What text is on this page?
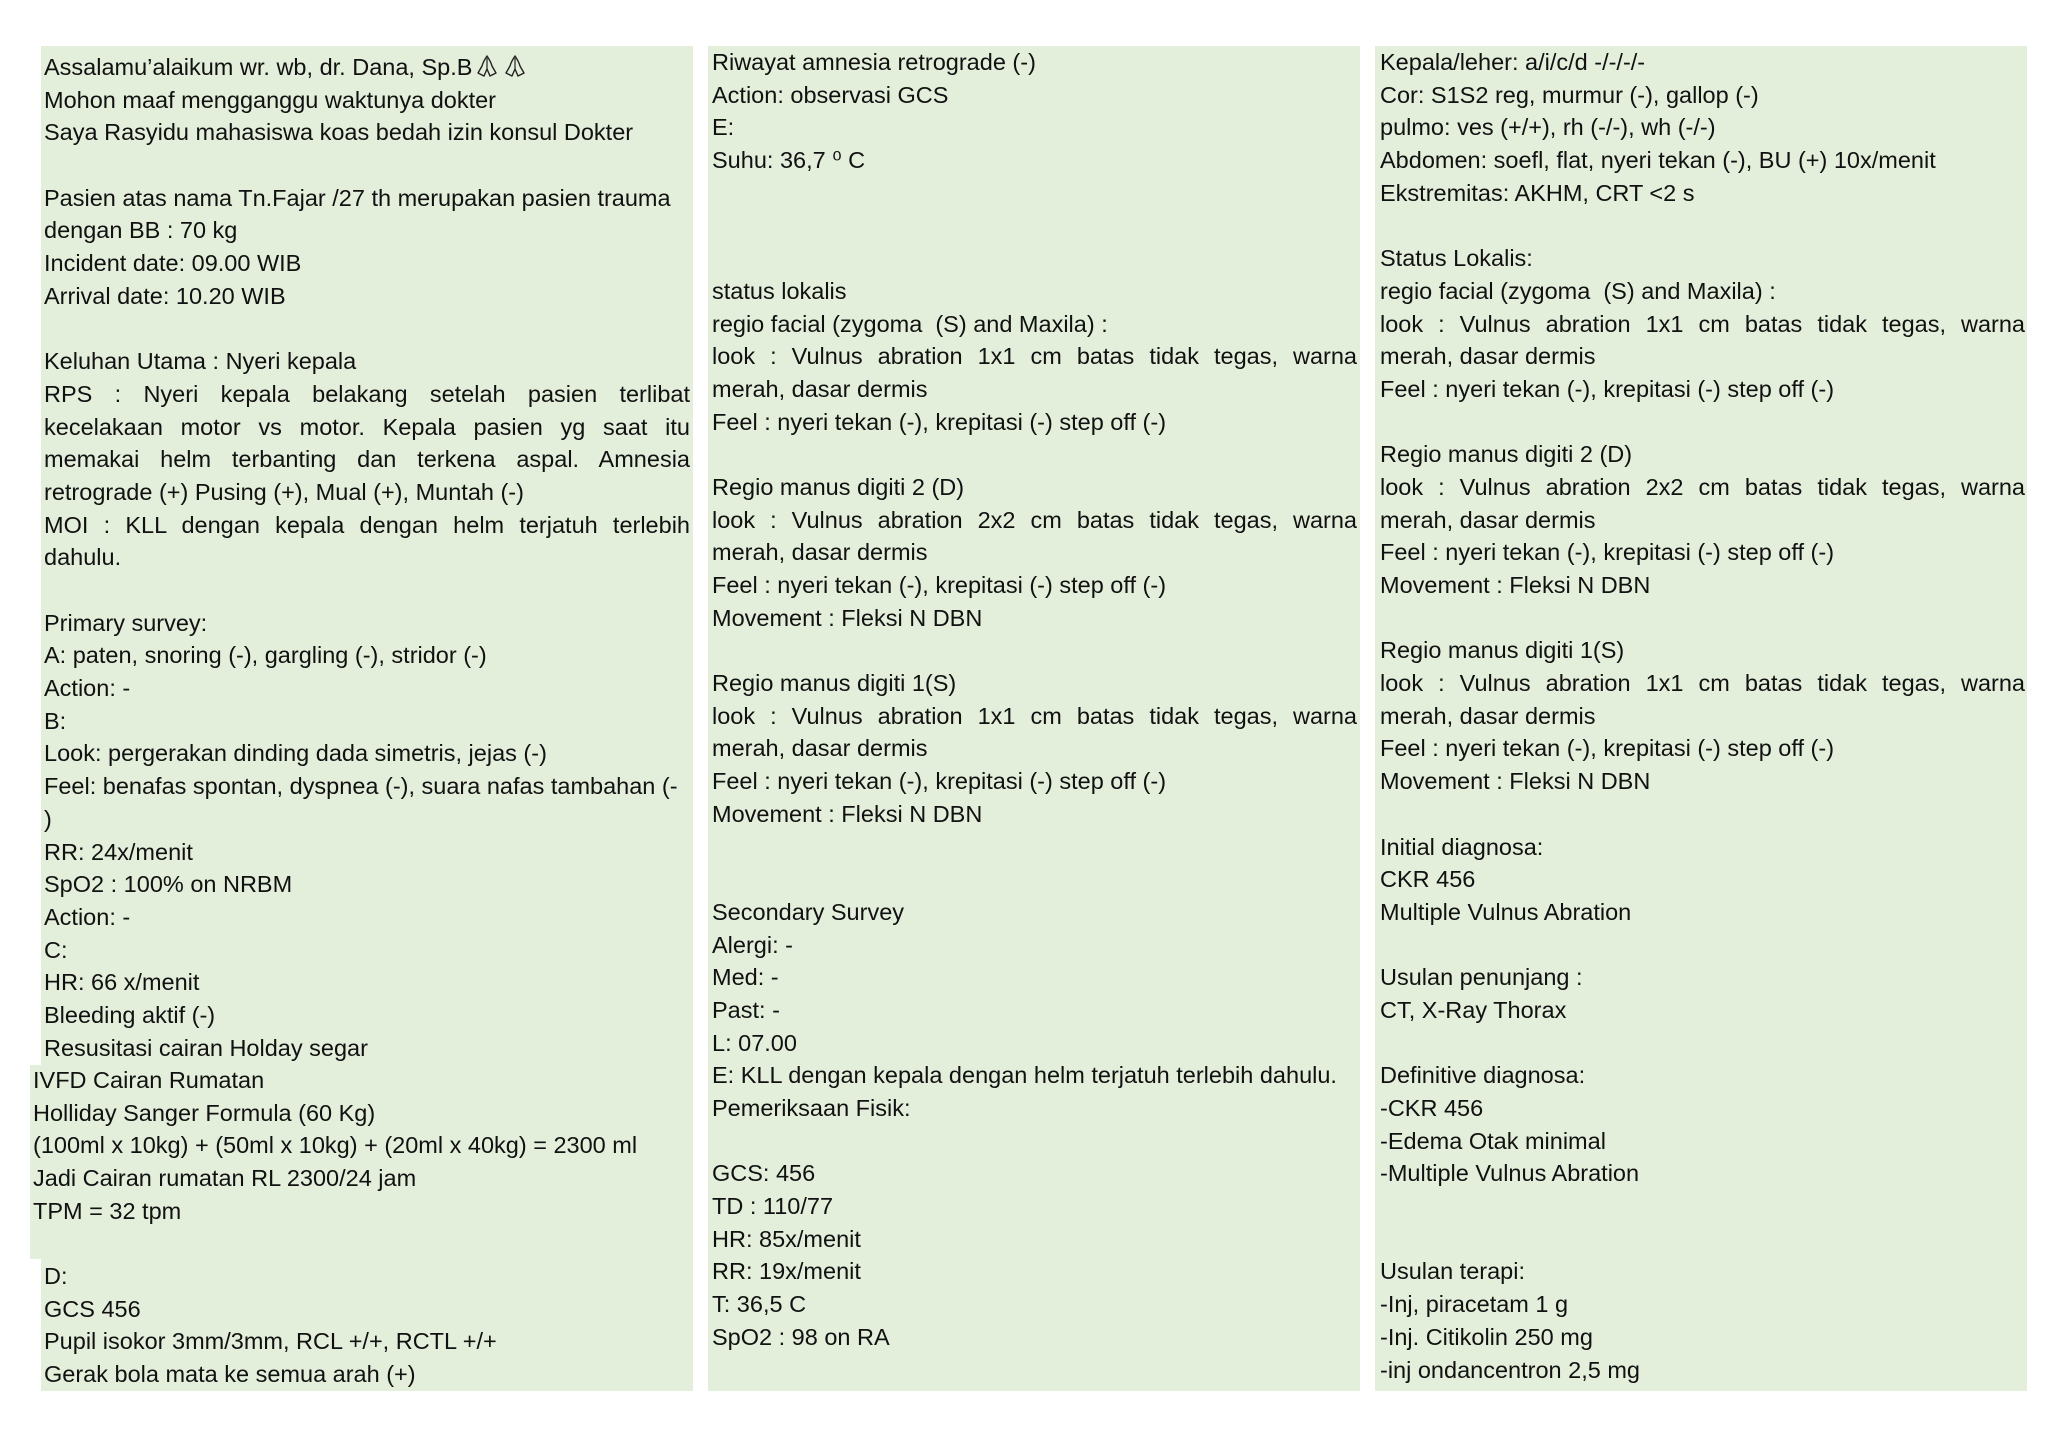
Assalamu’alaikum wr. wb, dr. Dana, Sp.B
Mohon maaf mengganggu waktunya dokter
Saya Rasyidu mahasiswa koas bedah izin konsul Dokter
Pasien atas nama Tn.Fajar /27 th merupakan pasien trauma
dengan BB : 70 kg
Incident date: 09.00 WIB
Arrival date: 10.20 WIB
Keluhan Utama : Nyeri kepala
RPS : Nyeri kepala belakang setelah pasien terlibat
kecelakaan motor vs motor. Kepala pasien yg saat itu
memakai helm terbanting dan terkena aspal. Amnesia
retrograde (+) Pusing (+), Mual (+), Muntah (-)
MOI : KLL dengan kepala dengan helm terjatuh terlebih
dahulu.
Primary survey:
A: paten, snoring (-), gargling (-), stridor (-)
Action: -
B:
Look: pergerakan dinding dada simetris, jejas (-)
Feel: benafas spontan, dyspnea (-), suara nafas tambahan (-
)
RR: 24x/menit
SpO2 : 100% on NRBM
Action: -
C:
HR: 66 x/menit
Bleeding aktif (-)
Resusitasi cairan Holday segar
IVFD Cairan Rumatan
Holliday Sanger Formula (60 Kg)
(100ml x 10kg) + (50ml x 10kg) + (20ml x 40kg) = 2300 ml
Jadi Cairan rumatan RL 2300/24 jam
TPM = 32 tpm
D:
GCS 456
Pupil isokor 3mm/3mm, RCL +/+, RCTL +/+
Gerak bola mata ke semua arah (+)
Riwayat amnesia retrograde (-)
Action: observasi GCS
E:
Suhu: 36,7 ⁰ C
status lokalis
regio facial (zygoma  (S) and Maxila) :
look : Vulnus abration 1x1 cm batas tidak tegas, warna
merah, dasar dermis
Feel : nyeri tekan (-), krepitasi (-) step off (-)
Regio manus digiti 2 (D)
look : Vulnus abration 2x2 cm batas tidak tegas, warna
merah, dasar dermis
Feel : nyeri tekan (-), krepitasi (-) step off (-)
Movement : Fleksi N DBN
Regio manus digiti 1(S)
look : Vulnus abration 1x1 cm batas tidak tegas, warna
merah, dasar dermis
Feel : nyeri tekan (-), krepitasi (-) step off (-)
Movement : Fleksi N DBN
Secondary Survey
Alergi: -
Med: -
Past: -
L: 07.00
E: KLL dengan kepala dengan helm terjatuh terlebih dahulu.
Pemeriksaan Fisik:
GCS: 456
TD : 110/77
HR: 85x/menit
RR: 19x/menit
T: 36,5 C
SpO2 : 98 on RA
Kepala/leher: a/i/c/d -/-/-/-
Cor: S1S2 reg, murmur (-), gallop (-)
pulmo: ves (+/+), rh (-/-), wh (-/-)
Abdomen: soefl, flat, nyeri tekan (-), BU (+) 10x/menit
Ekstremitas: AKHM, CRT <2 s
Status Lokalis:
regio facial (zygoma  (S) and Maxila) :
look : Vulnus abration 1x1 cm batas tidak tegas, warna
merah, dasar dermis
Feel : nyeri tekan (-), krepitasi (-) step off (-)
Regio manus digiti 2 (D)
look : Vulnus abration 2x2 cm batas tidak tegas, warna
merah, dasar dermis
Feel : nyeri tekan (-), krepitasi (-) step off (-)
Movement : Fleksi N DBN
Regio manus digiti 1(S)
look : Vulnus abration 1x1 cm batas tidak tegas, warna
merah, dasar dermis
Feel : nyeri tekan (-), krepitasi (-) step off (-)
Movement : Fleksi N DBN
Initial diagnosa:
CKR 456
Multiple Vulnus Abration
Usulan penunjang :
CT, X-Ray Thorax
Definitive diagnosa:
-CKR 456
-Edema Otak minimal
-Multiple Vulnus Abration
Usulan terapi:
-Inj, piracetam 1 g
-Inj. Citikolin 250 mg
-inj ondancentron 2,5 mg
